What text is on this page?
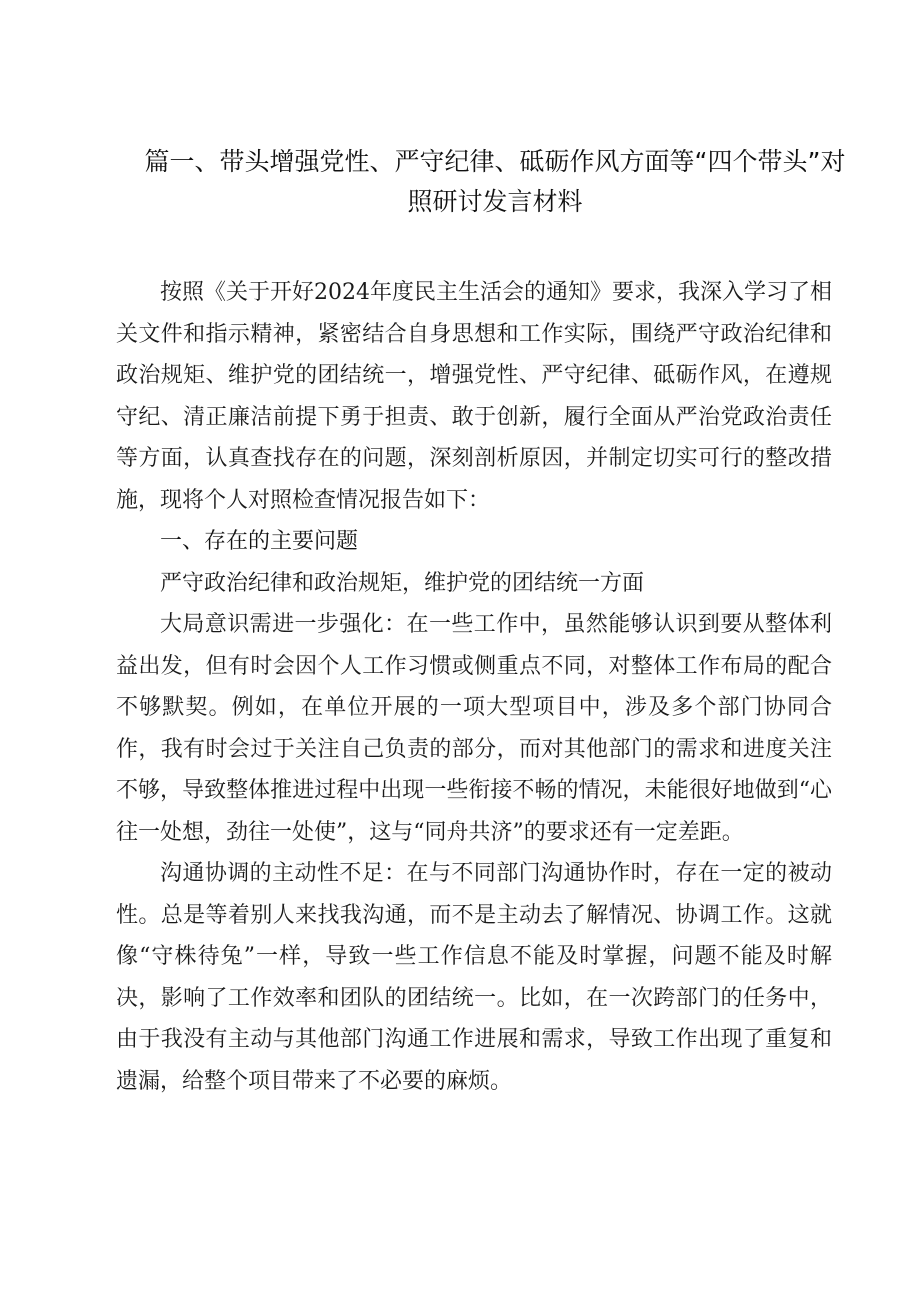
篇一、带头增强党性、严守纪律、砥砺作风方面等“四个带头”对
照研讨发言材料

按照《关于开好2024年度民主生活会的通知》要求，我深入学习了相关文件和指示精神，紧密结合自身思想和工作实际，围绕严守政治纪律和政治规矩、维护党的团结统一，增强党性、严守纪律、砥砺作风，在遵规守纪、清正廉洁前提下勇于担责、敢于创新，履行全面从严治党政治责任等方面，认真查找存在的问题，深刻剖析原因，并制定切实可行的整改措施，现将个人对照检查情况报告如下：

一、存在的主要问题

严守政治纪律和政治规矩，维护党的团结统一方面

大局意识需进一步强化：在一些工作中，虽然能够认识到要从整体利益出发，但有时会因个人工作习惯或侧重点不同，对整体工作布局的配合不够默契。例如，在单位开展的一项大型项目中，涉及多个部门协同合作，我有时会过于关注自己负责的部分，而对其他部门的需求和进度关注不够，导致整体推进过程中出现一些衔接不畅的情况，未能很好地做到“心往一处想，劲往一处使”，这与“同舟共济”的要求还有一定差距。

沟通协调的主动性不足：在与不同部门沟通协作时，存在一定的被动性。总是等着别人来找我沟通，而不是主动去了解情况、协调工作。这就像“守株待兔”一样，导致一些工作信息不能及时掌握，问题不能及时解决，影响了工作效率和团队的团结统一。比如，在一次跨部门的任务中，由于我没有主动与其他部门沟通工作进展和需求，导致工作出现了重复和遗漏，给整个项目带来了不必要的麻烦。
